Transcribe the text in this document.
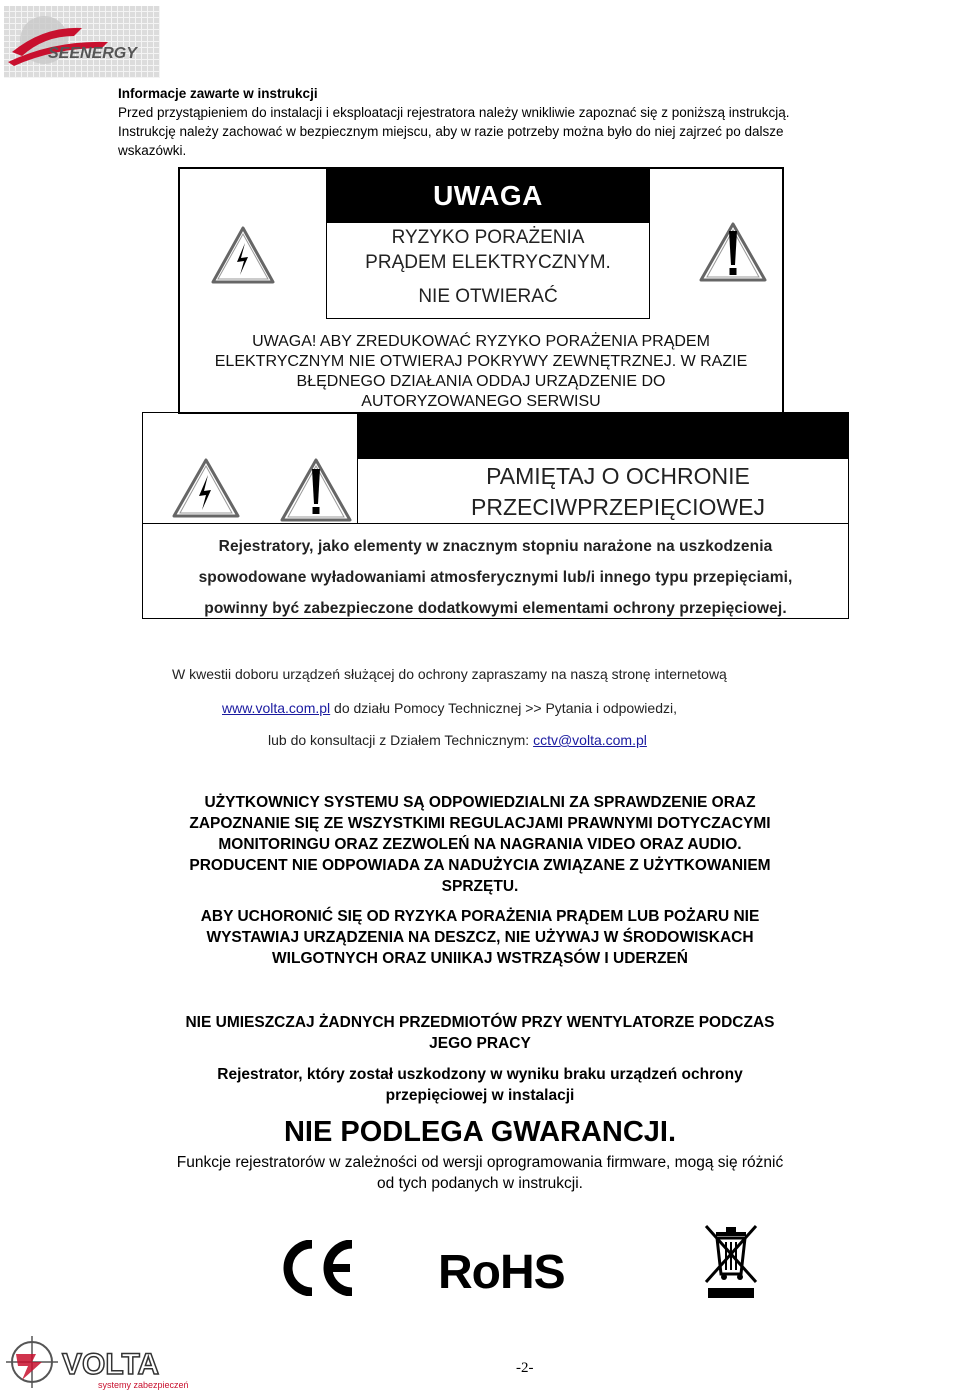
SEENERGY
Informacje zawarte w instrukcji
Przed przystąpieniem do instalacji i eksploatacji rejestratora należy wnikliwie zapoznać się z poniższą instrukcją.
Instrukcję należy zachować w bezpiecznym miejscu, aby w razie potrzeby można było do niej zajrzeć po dalsze wskazówki.
UWAGA
RYZYKO PORAŻENIA
PRĄDEM ELEKTRYCZNYM.
NIE OTWIERAĆ
UWAGA! ABY ZREDUKOWAĆ RYZYKO PORAŻENIA PRĄDEM
ELEKTRYCZNYM NIE OTWIERAJ POKRYWY ZEWNĘTRZNEJ. W RAZIE
BŁĘDNEGO DZIAŁANIA ODDAJ URZĄDZENIE DO
AUTORYZOWANEGO SERWISU
PAMIĘTAJ O OCHRONIE
PRZECIWPRZEPIĘCIOWEJ
Rejestratory, jako elementy w znacznym stopniu narażone na uszkodzenia
spowodowane wyładowaniami atmosferycznymi lub/i innego typu przepięciami,
powinny być zabezpieczone dodatkowymi elementami ochrony przepięciowej.
W kwestii doboru urządzeń służącej do ochrony zapraszamy na naszą stronę internetową
www.volta.com.pl do działu Pomocy Technicznej >> Pytania i odpowiedzi,
lub do konsultacji z Działem Technicznym: cctv@volta.com.pl
UŻYTKOWNICY SYSTEMU SĄ ODPOWIEDZIALNI ZA SPRAWDZENIE ORAZ
ZAPOZNANIE SIĘ ZE WSZYSTKIMI REGULACJAMI PRAWNYMI DOTYCZACYMI
MONITORINGU ORAZ ZEZWOLEŃ NA NAGRANIA VIDEO ORAZ AUDIO.
PRODUCENT NIE ODPOWIADA ZA NADUŻYCIA ZWIĄZANE Z UŻYTKOWANIEM
SPRZĘTU.
ABY UCHORONIĆ SIĘ OD RYZYKA PORAŻENIA PRĄDEM LUB POŻARU NIE
WYSTAWIAJ URZĄDZENIA NA DESZCZ, NIE UŻYWAJ W ŚRODOWISKACH
WILGOTNYCH ORAZ UNIIKAJ WSTRZĄSÓW I UDERZEŃ
NIE UMIESZCZAJ ŻADNYCH PRZEDMIOTÓW PRZY WENTYLATORZE PODCZAS
JEGO PRACY
Rejestrator, który został uszkodzony w wyniku braku urządzeń ochrony
przepięciowej w instalacji
NIE PODLEGA GWARANCJI.
Funkcje rejestratorów w zależności od wersji oprogramowania firmware, mogą się różnić
od tych podanych w instrukcji.
RoHS
VOLTA
systemy zabezpieczeń
-2-
